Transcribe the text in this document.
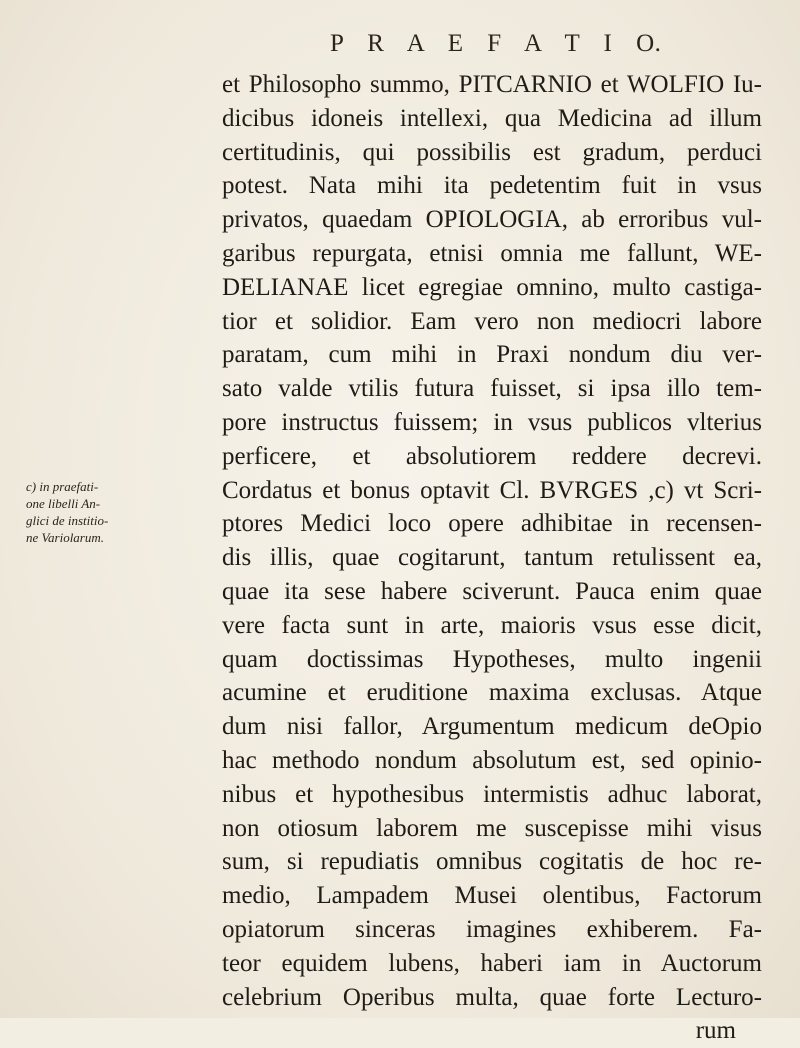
P R A E F A T I O.
c) in praefati-
one libelli An-
glici de institio-
ne Variolarum.
et Philosopho summo, PITCARNIO et WOLFIO Iu-
dicibus idoneis intellexi, qua Medicina ad illum
certitudinis, qui possibilis est gradum, perduci
potest. Nata mihi ita pedetentim fuit in vsus
privatos, quaedam OPIOLOGIA, ab erroribus vul-
garibus repurgata, etnisi omnia me fallunt, WE-
DELIANAE licet egregiae omnino, multo castiga-
tior et solidior. Eam vero non mediocri labore
paratam, cum mihi in Praxi nondum diu ver-
sato valde vtilis futura fuisset, si ipsa illo tem-
pore instructus fuissem; in vsus publicos vlterius
perficere, et absolutiorem reddere decrevi.
Cordatus et bonus optavit Cl. BVRGES ,c) vt Scri-
ptores Medici loco opere adhibitae in recensen-
dis illis, quae cogitarunt, tantum retulissent ea,
quae ita sese habere sciverunt. Pauca enim quae
vere facta sunt in arte, maioris vsus esse dicit,
quam doctissimas Hypotheses, multo ingenii
acumine et eruditione maxima exclusas. Atque
dum nisi fallor, Argumentum medicum deOpio
hac methodo nondum absolutum est, sed opinio-
nibus et hypothesibus intermistis adhuc laborat,
non otiosum laborem me suscepisse mihi visus
sum, si repudiatis omnibus cogitatis de hoc re-
medio, Lampadem Musei olentibus, Factorum
opiatorum sinceras imagines exhiberem. Fa-
teor equidem lubens, haberi iam in Auctorum
celebrium Operibus multa, quae forte Lecturo-
rum
